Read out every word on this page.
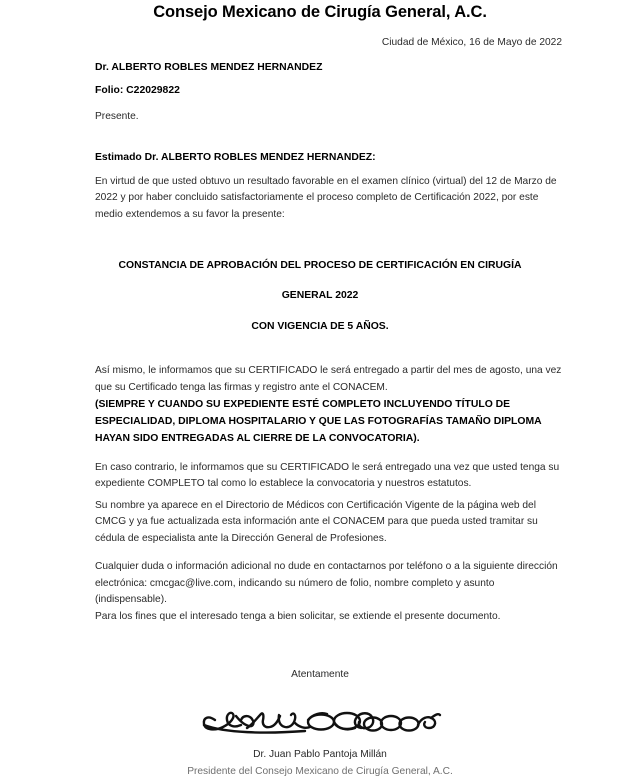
Consejo Mexicano de Cirugía General, A.C.
Ciudad de México, 16 de Mayo de 2022
Dr. ALBERTO ROBLES MENDEZ HERNANDEZ
Folio: C22029822
Presente.
Estimado Dr. ALBERTO ROBLES MENDEZ HERNANDEZ:
En virtud de que usted obtuvo un resultado favorable en el examen clínico (virtual) del 12 de Marzo de 2022 y por haber concluido satisfactoriamente el proceso completo de Certificación 2022, por este medio extendemos a su favor la presente:
CONSTANCIA DE APROBACIÓN DEL PROCESO DE CERTIFICACIÓN EN CIRUGÍA
GENERAL 2022
CON VIGENCIA DE 5 AÑOS.
Así mismo, le informamos que su CERTIFICADO le será entregado a partir del mes de agosto, una vez que su Certificado tenga las firmas y registro ante el CONACEM.
(SIEMPRE Y CUANDO SU EXPEDIENTE ESTÉ COMPLETO INCLUYENDO TÍTULO DE ESPECIALIDAD, DIPLOMA HOSPITALARIO Y QUE LAS FOTOGRAFÍAS TAMAÑO DIPLOMA HAYAN SIDO ENTREGADAS AL CIERRE DE LA CONVOCATORIA).
En caso contrario, le informamos que su CERTIFICADO le será entregado una vez que usted tenga su expediente COMPLETO tal como lo establece la convocatoria y nuestros estatutos.
Su nombre ya aparece en el Directorio de Médicos con Certificación Vigente de la página web del CMCG y ya fue actualizada esta información ante el CONACEM para que pueda usted tramitar su cédula de especialista ante la Dirección General de Profesiones.
Cualquier duda o información adicional no dude en contactarnos por teléfono o a la siguiente dirección electrónica: cmcgac@live.com, indicando su número de folio, nombre completo y asunto (indispensable).
Para los fines que el interesado tenga a bien solicitar, se extiende el presente documento.
Atentamente
Dr. Juan Pablo Pantoja Millán
Presidente del Consejo Mexicano de Cirugía General, A.C.
